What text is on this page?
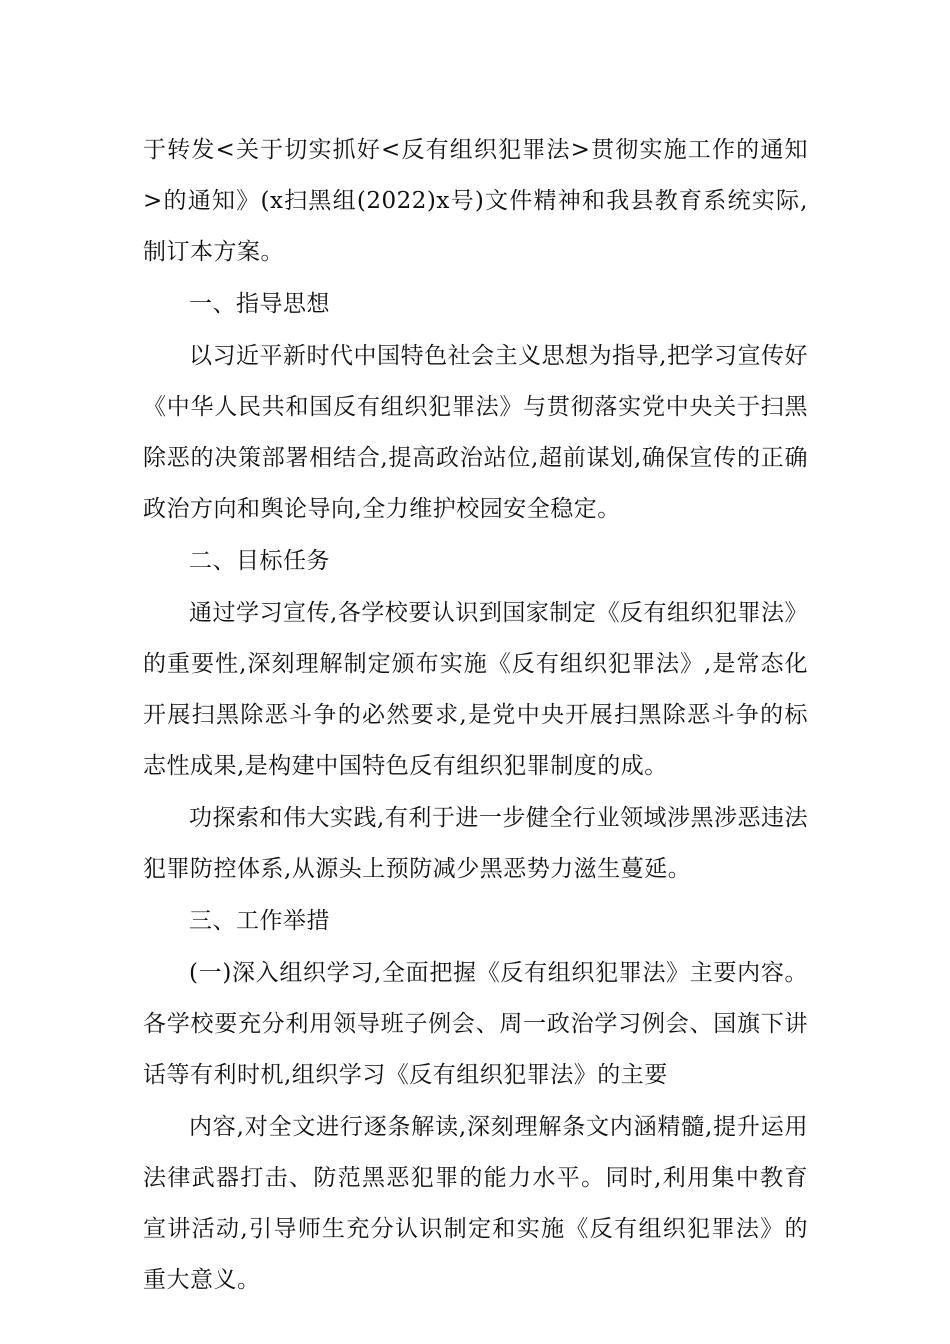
于转发<关于切实抓好<反有组织犯罪法>贯彻实施工作的通知>的通知》(x扫黑组(2022)x号)文件精神和我县教育系统实际,制订本方案。

一、指导思想

以习近平新时代中国特色社会主义思想为指导,把学习宣传好《中华人民共和国反有组织犯罪法》与贯彻落实党中央关于扫黑除恶的决策部署相结合,提高政治站位,超前谋划,确保宣传的正确政治方向和舆论导向,全力维护校园安全稳定。

二、目标任务

通过学习宣传,各学校要认识到国家制定《反有组织犯罪法》的重要性,深刻理解制定颁布实施《反有组织犯罪法》,是常态化开展扫黑除恶斗争的必然要求,是党中央开展扫黑除恶斗争的标志性成果,是构建中国特色反有组织犯罪制度的成。

功探索和伟大实践,有利于进一步健全行业领域涉黑涉恶违法犯罪防控体系,从源头上预防减少黑恶势力滋生蔓延。

三、工作举措

(一)深入组织学习,全面把握《反有组织犯罪法》主要内容。各学校要充分利用领导班子例会、周一政治学习例会、国旗下讲话等有利时机,组织学习《反有组织犯罪法》的主要

内容,对全文进行逐条解读,深刻理解条文内涵精髓,提升运用法律武器打击、防范黑恶犯罪的能力水平。同时,利用集中教育宣讲活动,引导师生充分认识制定和实施《反有组织犯罪法》的重大意义。
